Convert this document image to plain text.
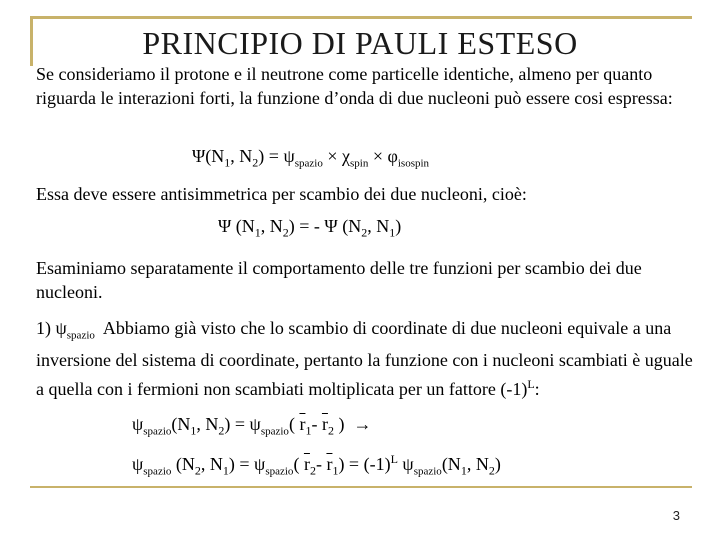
PRINCIPIO DI PAULI ESTESO
Se consideriamo il protone e il neutrone come particelle identiche, almeno per quanto riguarda le interazioni forti, la funzione d’onda di due nucleoni può essere cosi espressa:
$\Psi(N_1$, $N_2) = \psi_{spazio} \times \chi_{spin} \times \varphi_{isospin}$
Essa deve essere antisimmetrica per scambio dei due nucleoni, cioè:
Ψ ($N_1$, $N_2$) = - Ψ ($N_2$, $N_1$)
Esaminiamo separatamente il comportamento delle tre funzioni per scambio dei due nucleoni.
1) $\psi_{spazio}$ Abbiamo già visto che lo scambio di coordinate di due nucleoni equivale a una inversione del sistema di coordinate, pertanto la funzione con i nucleoni scambiati è uguale a quella con i fermioni non scambiati moltiplicata per un fattore $(-1)^L$:
$\psi_{spazio}(N_1$, $N_2) = \psi_{spazio}$( $\overline{r}_1-$ $\overline{r}_2$ ) →
$\psi_{spazio}$ ($N_2$, $N_1) = \psi_{spazio}$( $\overline{r}_2-$ $\overline{r}_1) = (-1)^L$ $\psi_{spazio}(N_1$, $N_2$)
3
